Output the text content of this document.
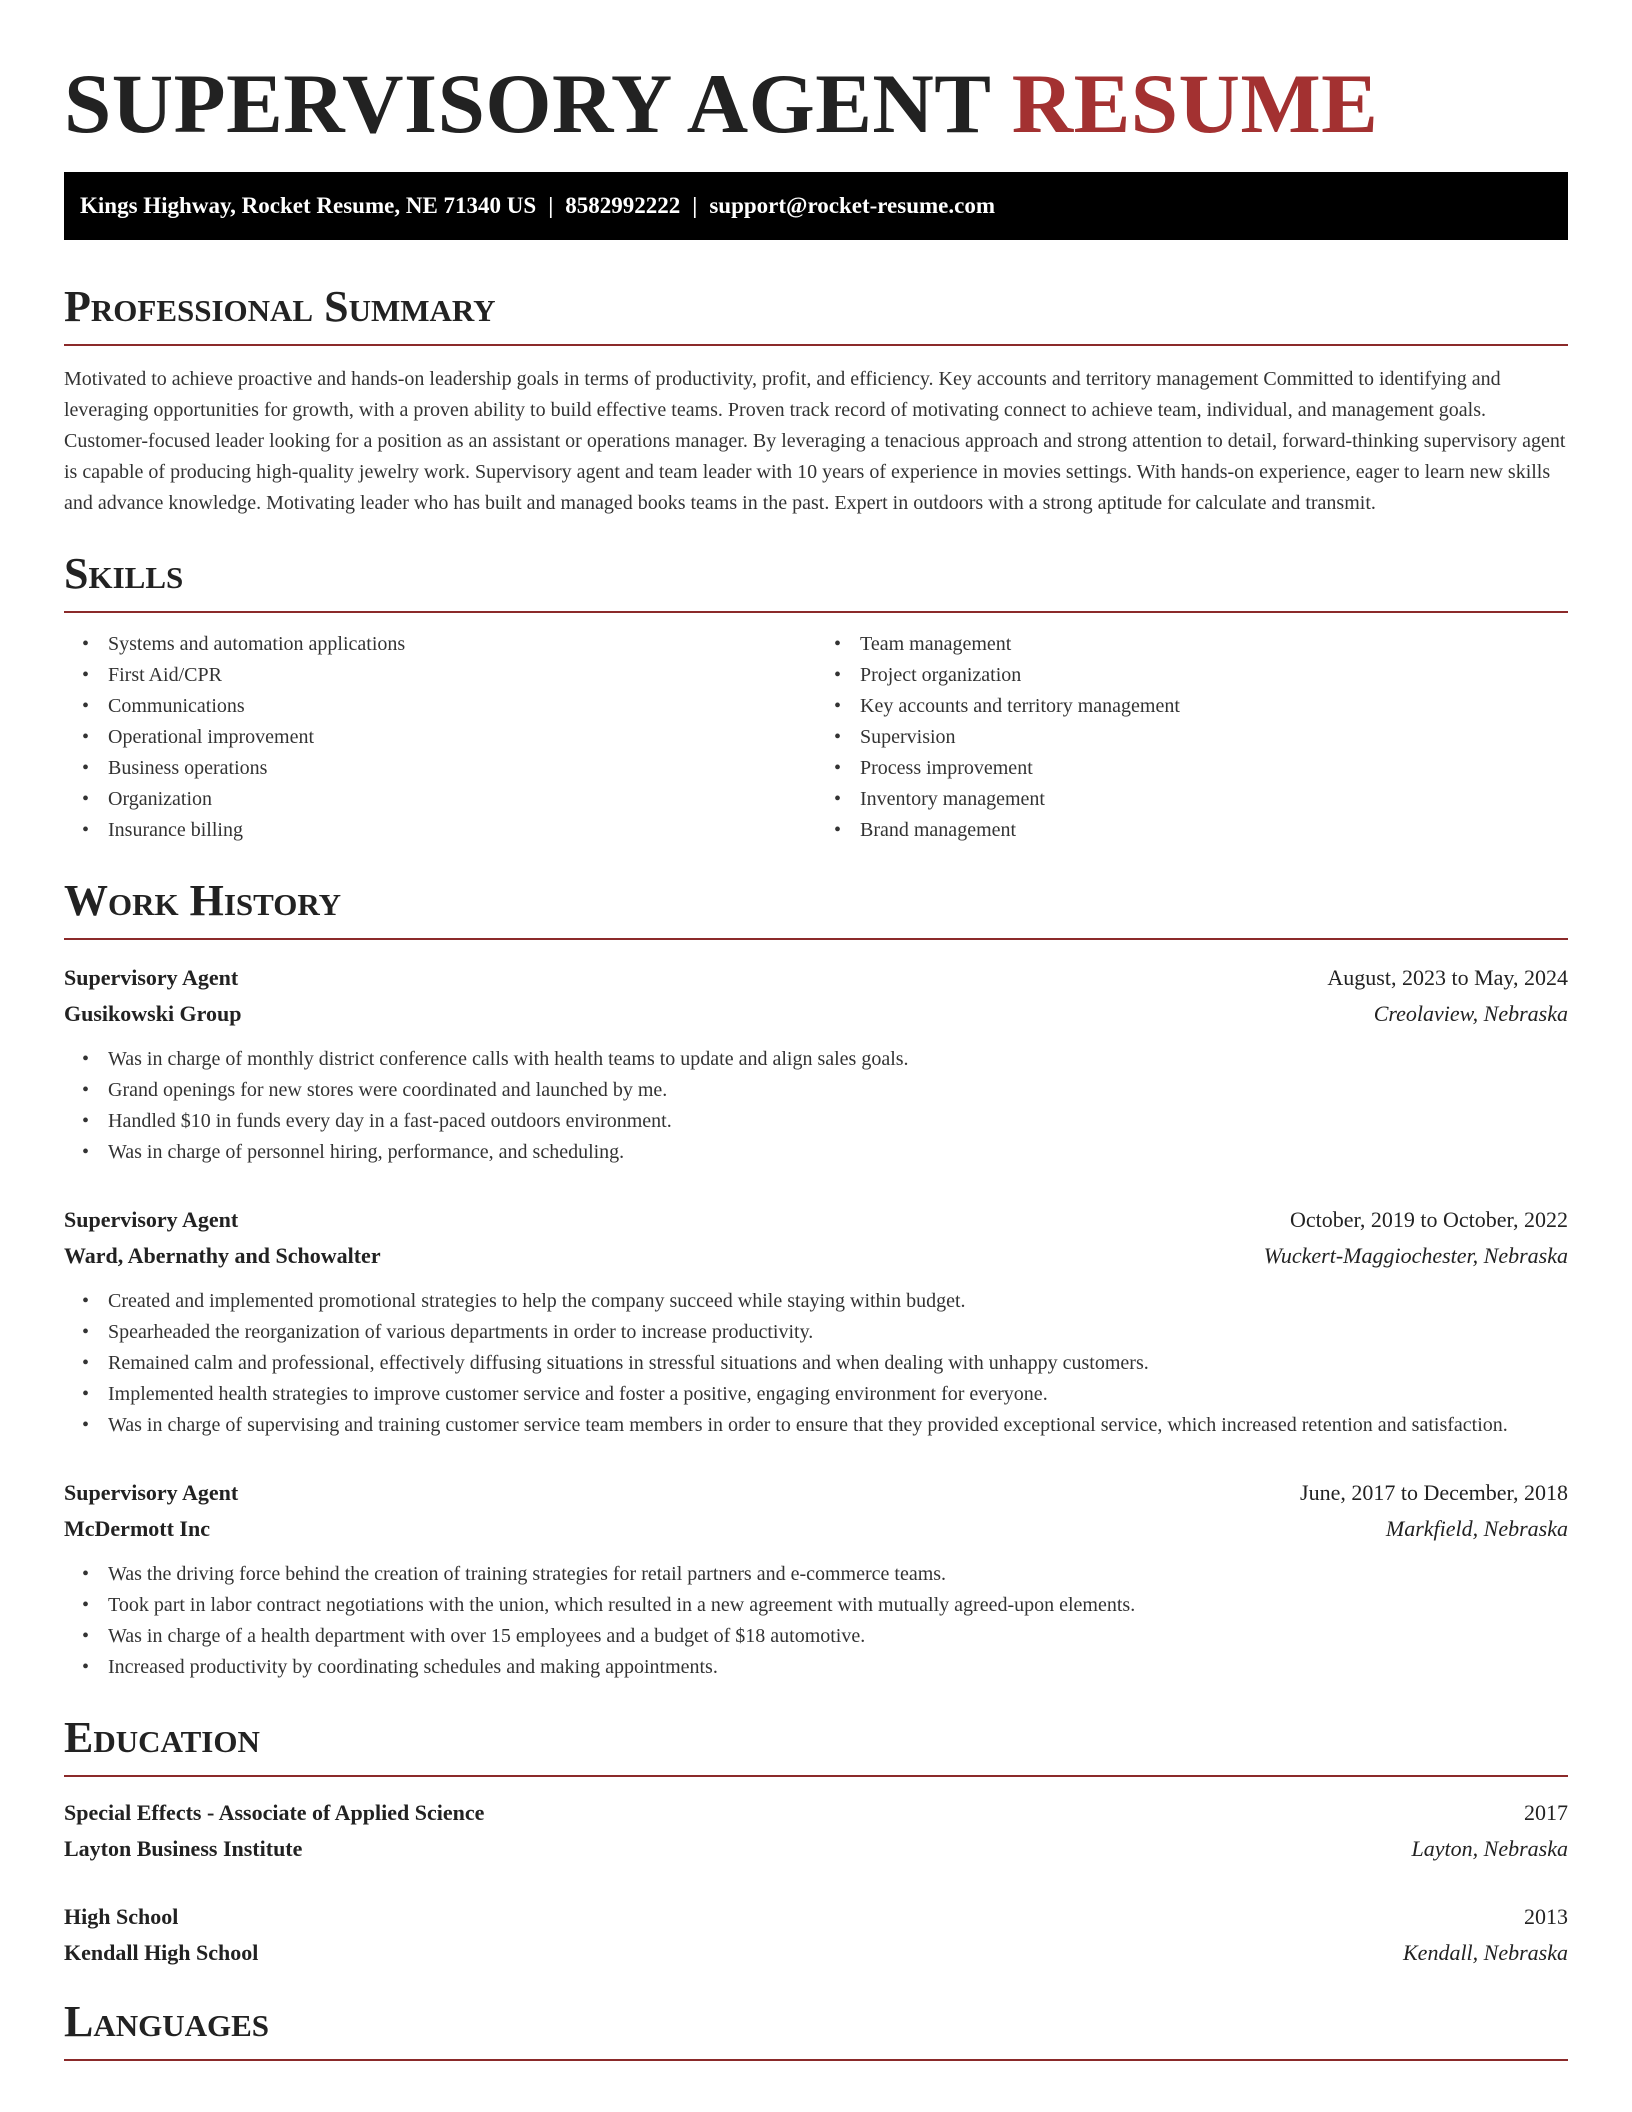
SUPERVISORY AGENT RESUME
Kings Highway, Rocket Resume, NE 71340 US | 8582992222 | support@rocket-resume.com
Professional Summary

Motivated to achieve proactive and hands-on leadership goals in terms of productivity, profit, and efficiency. Key accounts and territory management Committed to identifying and leveraging opportunities for growth, with a proven ability to build effective teams. Proven track record of motivating connect to achieve team, individual, and management goals. Customer-focused leader looking for a position as an assistant or operations manager. By leveraging a tenacious approach and strong attention to detail, forward-thinking supervisory agent is capable of producing high-quality jewelry work. Supervisory agent and team leader with 10 years of experience in movies settings. With hands-on experience, eager to learn new skills and advance knowledge. Motivating leader who has built and managed books teams in the past. Expert in outdoors with a strong aptitude for calculate and transmit.

Skills
• Systems and automation applications
• First Aid/CPR
• Communications
• Operational improvement
• Business operations
• Organization
• Insurance billing
• Team management
• Project organization
• Key accounts and territory management
• Supervision
• Process improvement
• Inventory management
• Brand management
Work History
Supervisory Agent	August, 2023 to May, 2024
Gusikowski Group	Creolaview, Nebraska
• Was in charge of monthly district conference calls with health teams to update and align sales goals.
• Grand openings for new stores were coordinated and launched by me.
• Handled $10 in funds every day in a fast-paced outdoors environment.
• Was in charge of personnel hiring, performance, and scheduling.
Supervisory Agent	October, 2019 to October, 2022
Ward, Abernathy and Schowalter	Wuckert-Maggiochester, Nebraska
• Created and implemented promotional strategies to help the company succeed while staying within budget.
• Spearheaded the reorganization of various departments in order to increase productivity.
• Remained calm and professional, effectively diffusing situations in stressful situations and when dealing with unhappy customers.
• Implemented health strategies to improve customer service and foster a positive, engaging environment for everyone.
• Was in charge of supervising and training customer service team members in order to ensure that they provided exceptional service, which increased retention and satisfaction.
Supervisory Agent	June, 2017 to December, 2018
McDermott Inc	Markfield, Nebraska
• Was the driving force behind the creation of training strategies for retail partners and e-commerce teams.
• Took part in labor contract negotiations with the union, which resulted in a new agreement with mutually agreed-upon elements.
• Was in charge of a health department with over 15 employees and a budget of $18 automotive.
• Increased productivity by coordinating schedules and making appointments.
Education
Special Effects - Associate of Applied Science	2017
Layton Business Institute	Layton, Nebraska
High School	2013
Kendall High School	Kendall, Nebraska
Languages
